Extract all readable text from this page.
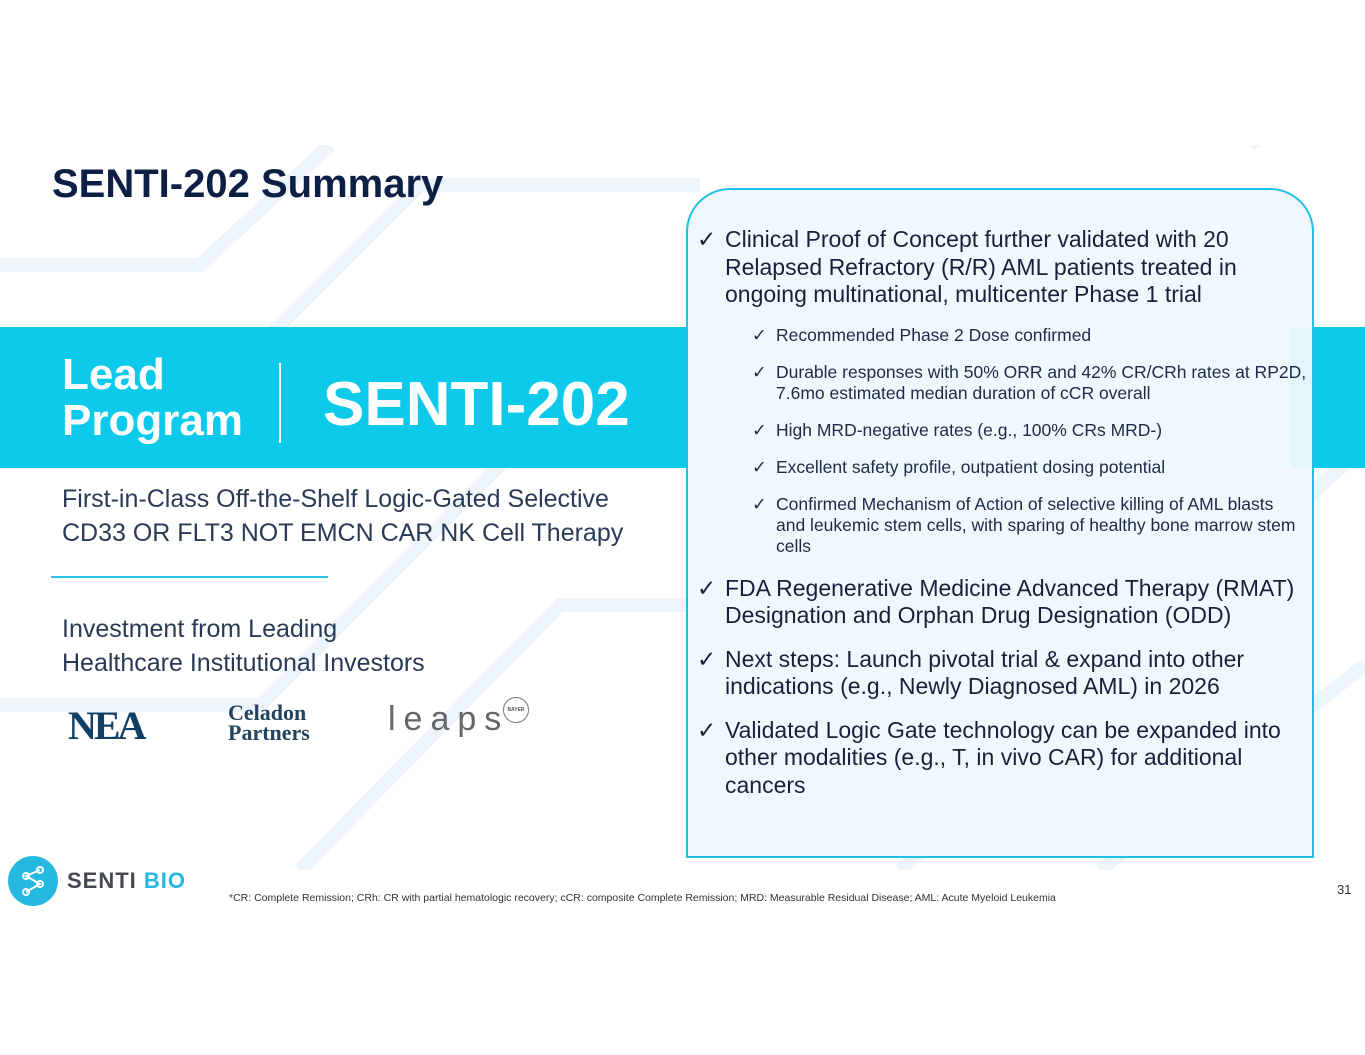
SENTI-202 Summary
Lead
Program SENTI-202
First-in-Class Off-the-Shelf Logic-Gated Selective
CD33 OR FLT3 NOT EMCN CAR NK Cell Therapy
Investment from Leading
Healthcare Institutional Investors
NEA	Celadon
Partners leaps
BAYER
✓ Clinical Proof of Concept further validated with 20 Relapsed Refractory (R/R) AML patients treated in ongoing multinational, multicenter Phase 1 trial
✓ Recommended Phase 2 Dose confirmed
✓ Durable responses with 50% ORR and 42% CR/CRh rates at RP2D, 7.6mo estimated median duration of cCR overall
✓ High MRD-negative rates (e.g., 100% CRs MRD-)
✓ Excellent safety profile, outpatient dosing potential
✓ Confirmed Mechanism of Action of selective killing of AML blasts and leukemic stem cells, with sparing of healthy bone marrow stem cells
✓ FDA Regenerative Medicine Advanced Therapy (RMAT) Designation and Orphan Drug Designation (ODD)
✓ Next steps: Launch pivotal trial & expand into other indications (e.g., Newly Diagnosed AML) in 2026
✓ Validated Logic Gate technology can be expanded into other modalities (e.g., T, in vivo CAR) for additional cancers
SENTI BIO
*CR: Complete Remission; CRh: CR with partial hematologic recovery; cCR: composite Complete Remission; MRD: Measurable Residual Disease; AML: Acute Myeloid Leukemia
31
